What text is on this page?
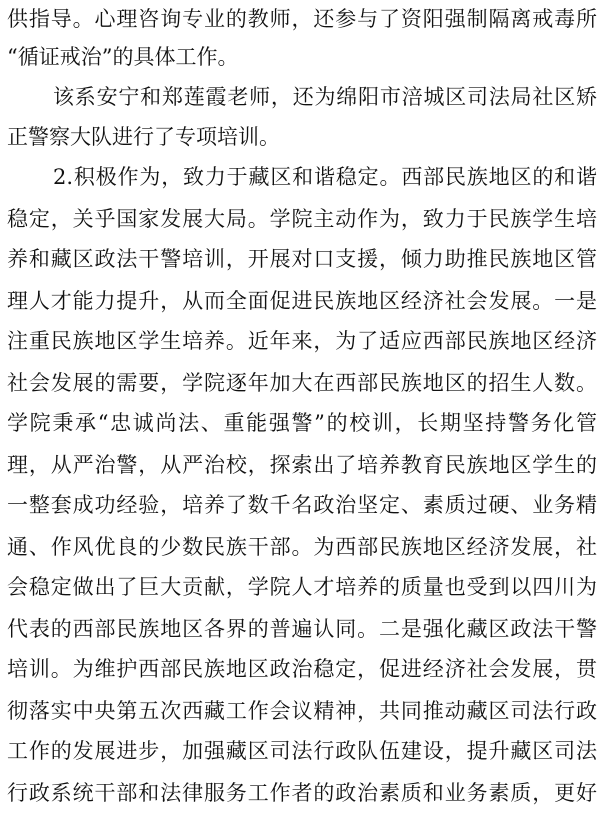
供指导。心理咨询专业的教师，还参与了资阳强制隔离戒毒所
“循证戒治”的具体工作。
该系安宁和郑莲霞老师，还为绵阳市涪城区司法局社区矫
正警察大队进行了专项培训。
2.积极作为，致力于藏区和谐稳定。西部民族地区的和谐
稳定，关乎国家发展大局。学院主动作为，致力于民族学生培
养和藏区政法干警培训，开展对口支援，倾力助推民族地区管
理人才能力提升，从而全面促进民族地区经济社会发展。一是
注重民族地区学生培养。近年来，为了适应西部民族地区经济
社会发展的需要，学院逐年加大在西部民族地区的招生人数。
学院秉承“忠诚尚法、重能强警”的校训，长期坚持警务化管
理，从严治警，从严治校，探索出了培养教育民族地区学生的
一整套成功经验，培养了数千名政治坚定、素质过硬、业务精
通、作风优良的少数民族干部。为西部民族地区经济发展，社
会稳定做出了巨大贡献，学院人才培养的质量也受到以四川为
代表的西部民族地区各界的普遍认同。二是强化藏区政法干警
培训。为维护西部民族地区政治稳定，促进经济社会发展，贯
彻落实中央第五次西藏工作会议精神，共同推动藏区司法行政
工作的发展进步，加强藏区司法行政队伍建设，提升藏区司法
行政系统干部和法律服务工作者的政治素质和业务素质，更好
